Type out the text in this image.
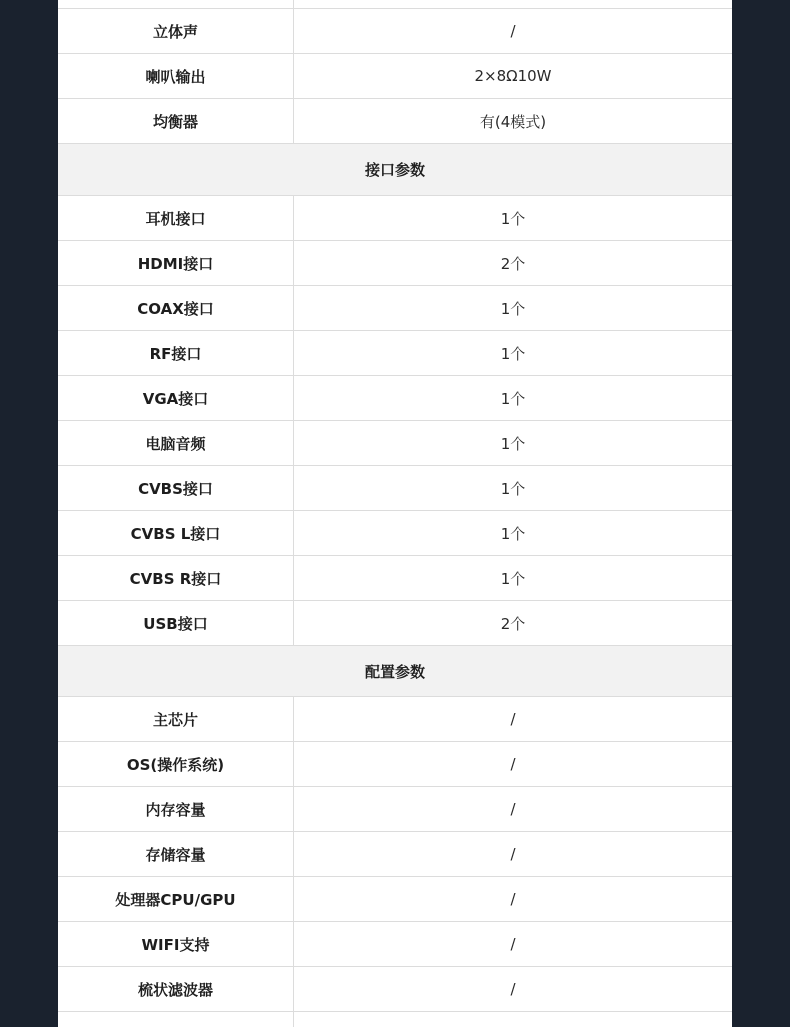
立体声	/
喇叭输出	2×8Ω10W
均衡器	有(4模式)
接口参数
耳机接口	1个
HDMI接口	2个
COAX接口	1个
RF接口	1个
VGA接口	1个
电脑音频	1个
CVBS接口	1个
CVBS L接口	1个
CVBS R接口	1个
USB接口	2个
配置参数
主芯片	/
OS(操作系统)	/
内存容量	/
存储容量	/
处理器CPU/GPU	/
WIFI支持	/
梳状滤波器	/
